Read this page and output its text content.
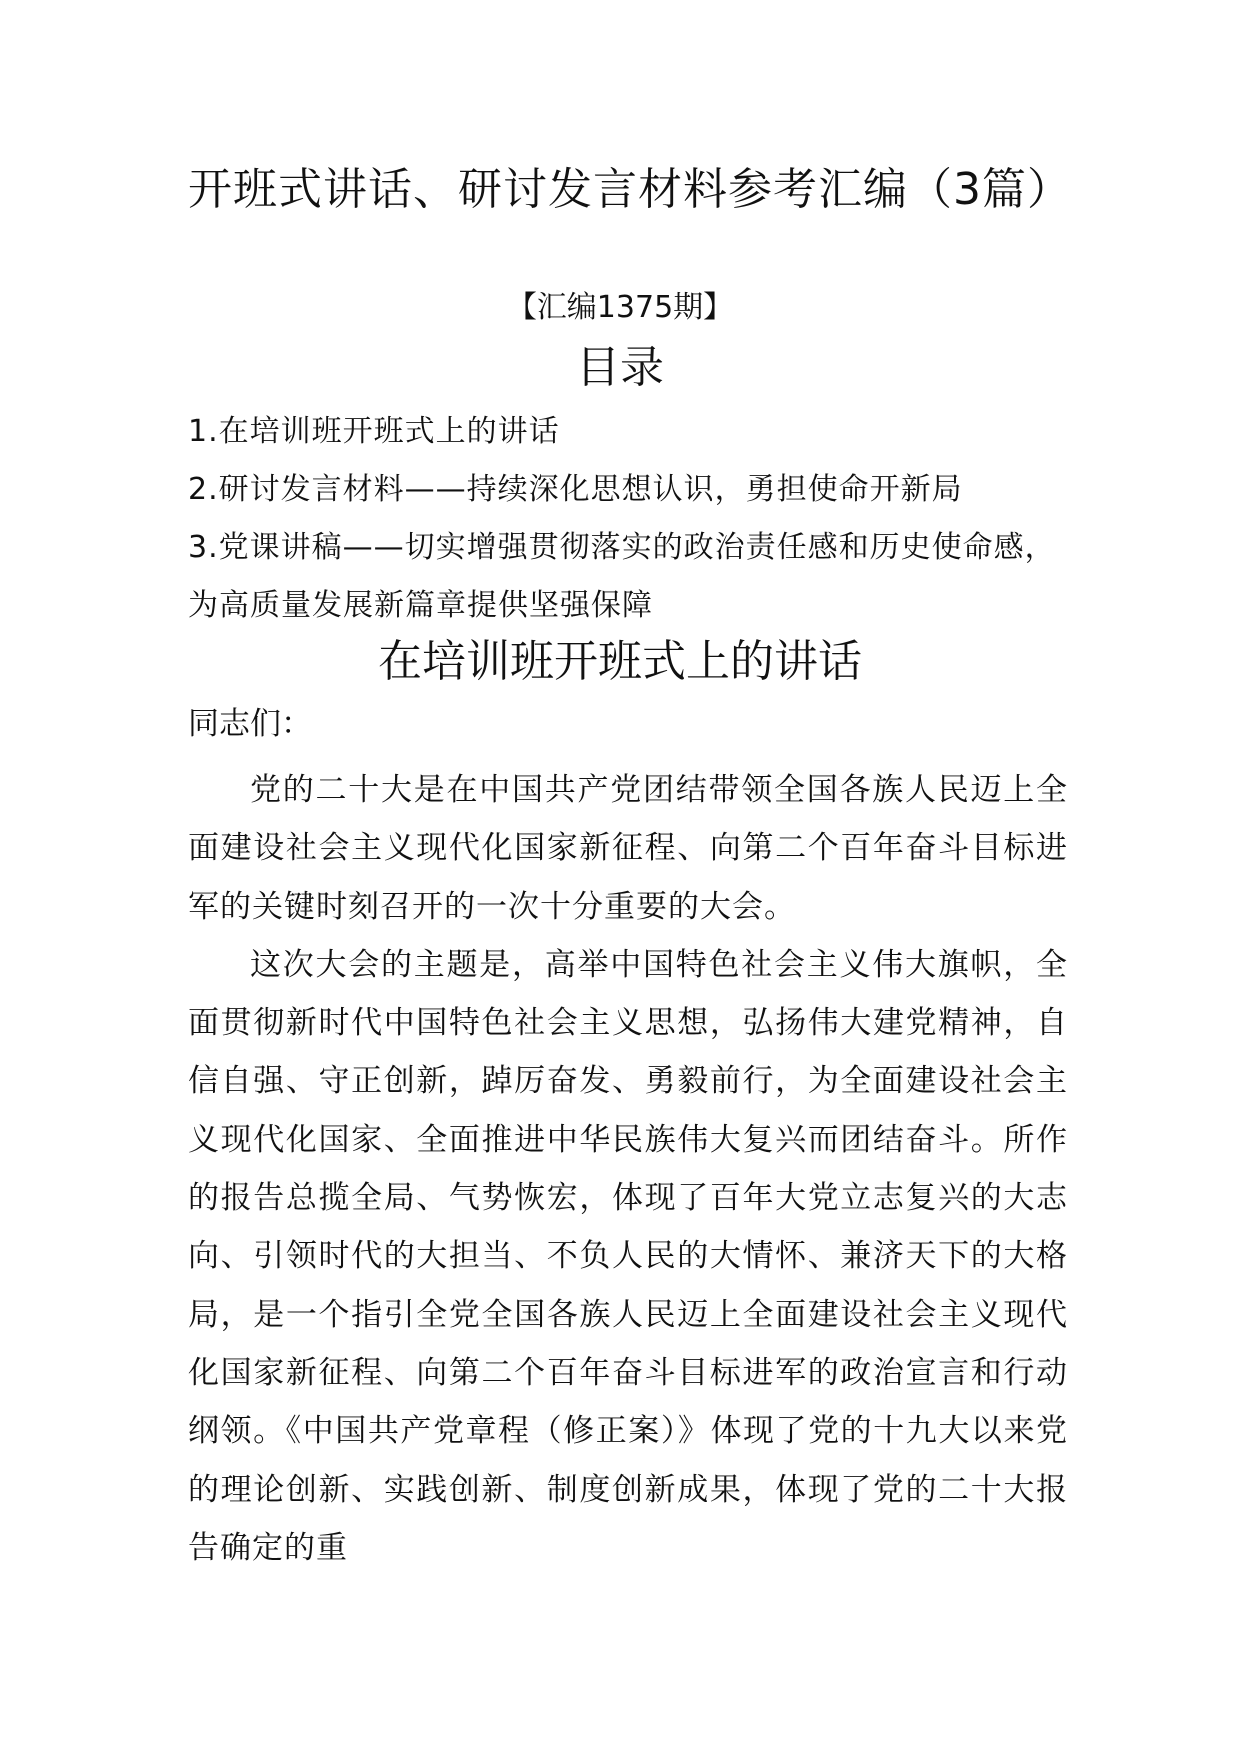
开班式讲话、研讨发言材料参考汇编（3篇）
【汇编1375期】
目录
1.在培训班开班式上的讲话
2.研讨发言材料——持续深化思想认识，勇担使命开新局
3.党课讲稿——切实增强贯彻落实的政治责任感和历史使命感，为高质量发展新篇章提供坚强保障
在培训班开班式上的讲话
同志们：

党的二十大是在中国共产党团结带领全国各族人民迈上全面建设社会主义现代化国家新征程、向第二个百年奋斗目标进军的关键时刻召开的一次十分重要的大会。

这次大会的主题是，高举中国特色社会主义伟大旗帜，全面贯彻新时代中国特色社会主义思想，弘扬伟大建党精神，自信自强、守正创新，踔厉奋发、勇毅前行，为全面建设社会主义现代化国家、全面推进中华民族伟大复兴而团结奋斗。所作的报告总揽全局、气势恢宏，体现了百年大党立志复兴的大志向、引领时代的大担当、不负人民的大情怀、兼济天下的大格局，是一个指引全党全国各族人民迈上全面建设社会主义现代化国家新征程、向第二个百年奋斗目标进军的政治宣言和行动纲领。《中国共产党章程（修正案）》体现了党的十九大以来党的理论创新、实践创新、制度创新成果，体现了党的二十大报告确定的重
